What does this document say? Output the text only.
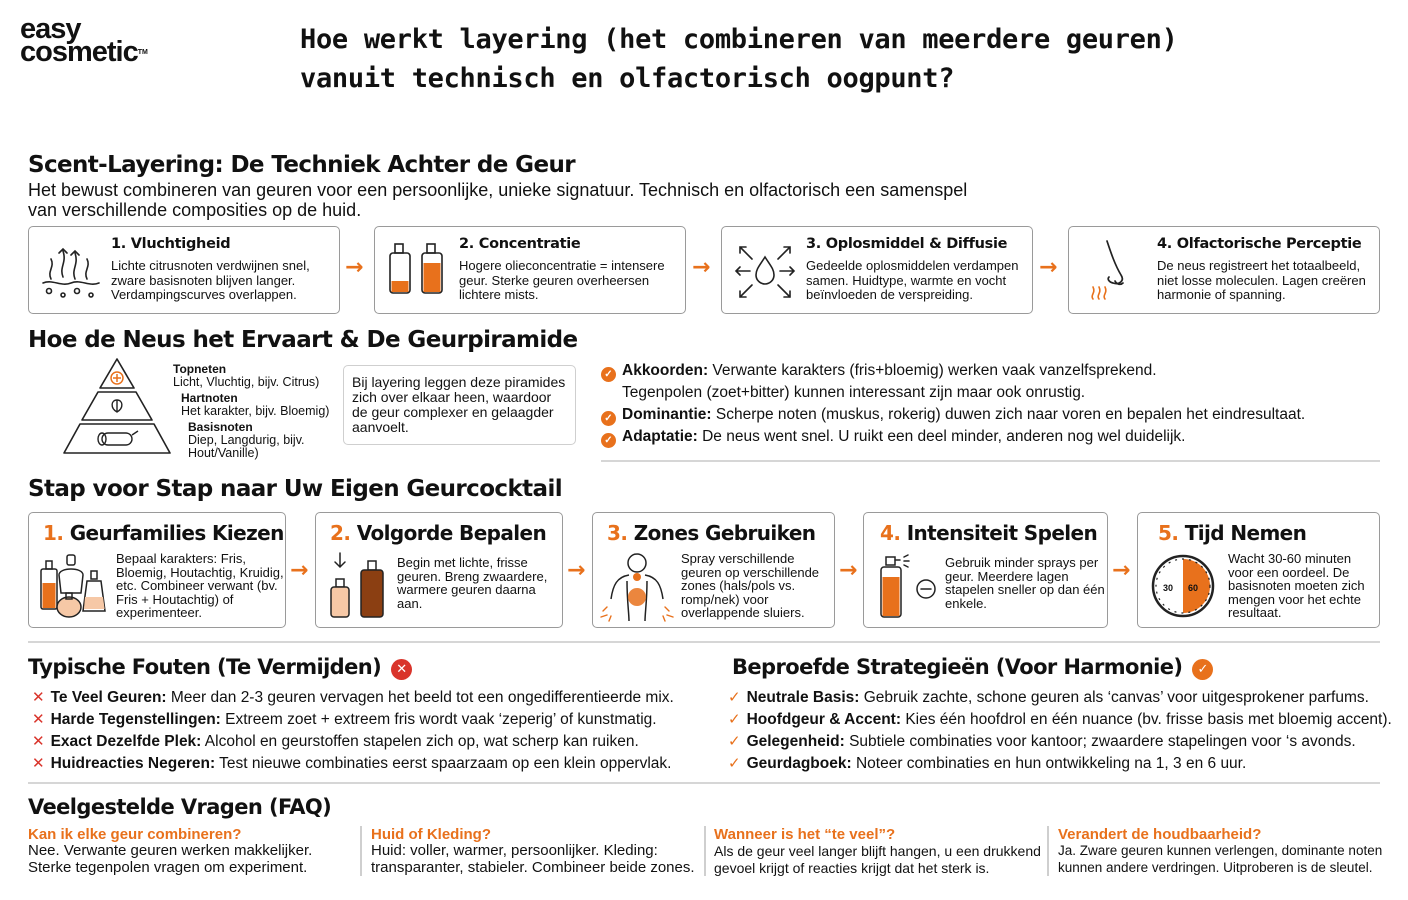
easy
cosmetic™	Hoe werkt layering (het combineren van meerdere geuren)
vanuit technisch en olfactorisch oogpunt?
Scent-Layering: De Techniek Achter de Geur
Het bewust combineren van geuren voor een persoonlijke, unieke signatuur. Technisch en olfactorisch een samenspel
van verschillende composities op de huid.
1. Vluchtigheid
Lichte citrusnoten verdwijnen snel, zware basisnoten blijven langer. Verdampingscurves overlappen.
→
2. Concentratie
Hogere olieconcentratie = intensere geur. Sterke geuren overheersen lichtere mists.
→
3. Oplosmiddel & Diffusie
Gedeelde oplosmiddelen verdampen samen. Huidtype, warmte en vocht beïnvloeden de verspreiding.
→
4. Olfactorische Perceptie
De neus registreert het totaalbeeld, niet losse moleculen. Lagen creëren harmonie of spanning.
Hoe de Neus het Ervaart & De Geurpiramide
Topneten
Licht, Vluchtig, bijv. Citrus)
Hartnoten
Het karakter, bijv. Bloemig)
Basisnoten
Diep, Langdurig, bijv.
Hout/Vanille)
Bij layering leggen deze piramides zich over elkaar heen, waardoor de geur complexer en gelaagder aanvoelt.
✓ Akkoorden: Verwante karakters (fris+bloemig) werken vaak vanzelfsprekend.
Tegenpolen (zoet+bitter) kunnen interessant zijn maar ook onrustig.
✓ Dominantie: Scherpe noten (muskus, rokerig) duwen zich naar voren en bepalen het eindresultaat.
✓ Adaptatie: De neus went snel. U ruikt een deel minder, anderen nog wel duidelijk.
Stap voor Stap naar Uw Eigen Geurcocktail
1. Geurfamilies Kiezen
Bepaal karakters: Fris, Bloemig, Houtachtig, Kruidig, etc. Combineer verwant (bv. Fris + Houtachtig) of experimenteer.
→
2. Volgorde Bepalen
Begin met lichte, frisse geuren. Breng zwaardere, warmere geuren daarna aan.
→
3. Zones Gebruiken
Spray verschillende geuren op verschillende zones (hals/pols vs. romp/nek) voor overlappende sluiers.
→
4. Intensiteit Spelen
Gebruik minder sprays per geur. Meerdere lagen stapelen sneller op dan één enkele.
→
5. Tijd Nemen
30 60
Wacht 30-60 minuten voor een oordeel. De basisnoten moeten zich mengen voor het echte resultaat.
Typische Fouten (Te Vermijden) ✕
✕ Te Veel Geuren: Meer dan 2-3 geuren vervagen het beeld tot een ongedifferentieerde mix.
✕ Harde Tegenstellingen: Extreem zoet + extreem fris wordt vaak ‘zeperig’ of kunstmatig.
✕ Exact Dezelfde Plek: Alcohol en geurstoffen stapelen zich op, wat scherp kan ruiken.
✕ Huidreacties Negeren: Test nieuwe combinaties eerst spaarzaam op een klein oppervlak.
Beproefde Strategieën (Voor Harmonie) ✓
✓ Neutrale Basis: Gebruik zachte, schone geuren als ‘canvas’ voor uitgesprokener parfums.
✓ Hoofdgeur & Accent: Kies één hoofdrol en één nuance (bv. frisse basis met bloemig accent).
✓ Gelegenheid: Subtiele combinaties voor kantoor; zwaardere stapelingen voor ‘s avonds.
✓ Geurdagboek: Noteer combinaties en hun ontwikkeling na 1, 3 en 6 uur.
Veelgestelde Vragen (FAQ)
Kan ik elke geur combineren?
Nee. Verwante geuren werken makkelijker.
Sterke tegenpolen vragen om experiment.
Huid of Kleding?
Huid: voller, warmer, persoonlijker. Kleding:
transparanter, stabieler. Combineer beide zones.
Wanneer is het “te veel”?
Als de geur veel langer blijft hangen, u een drukkend
gevoel krijgt of reacties krijgt dat het sterk is.
Verandert de houdbaarheid?
Ja. Zware geuren kunnen verlengen, dominante noten
kunnen andere verdringen. Uitproberen is de sleutel.
